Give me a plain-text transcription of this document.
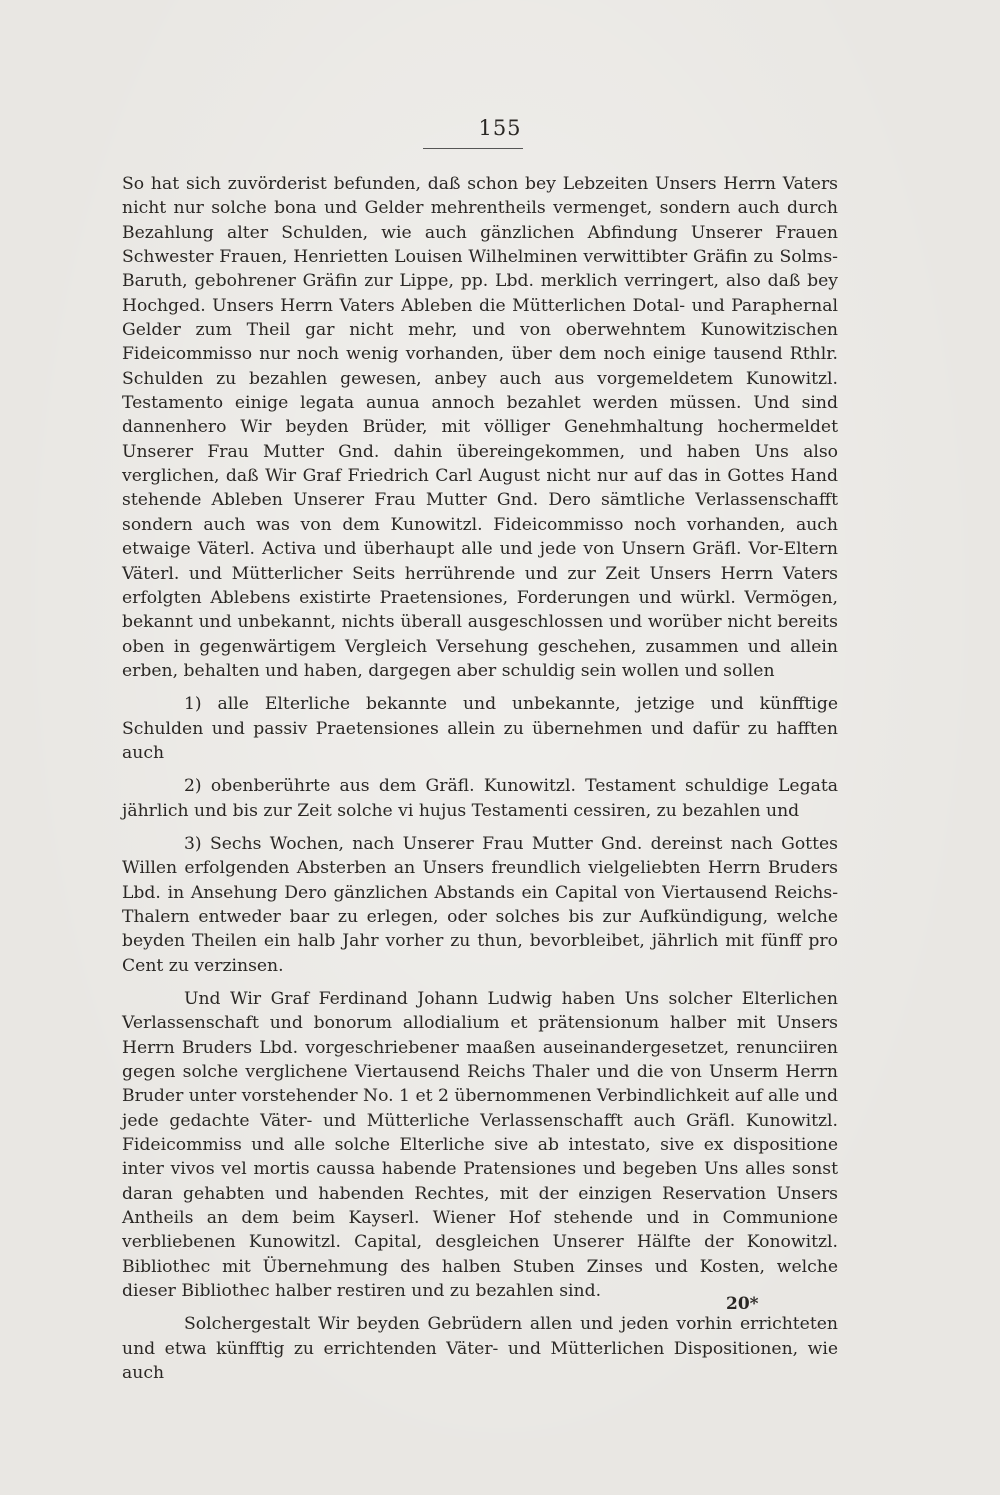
155

So hat sich zuvörderist befunden, daß schon bey Lebzeiten Unsers Herrn Vaters nicht nur solche bona und Gelder mehrentheils vermenget, sondern auch durch Bezahlung alter Schulden, wie auch gänzlichen Abfindung Unserer Frauen Schwester Frauen, Henrietten Louisen Wilhelminen verwittibter Gräfin zu Solms-Baruth, gebohrener Gräfin zur Lippe, pp. Lbd. merklich verringert, also daß bey Hochged. Unsers Herrn Vaters Ableben die Mütterlichen Dotal- und Paraphernal Gelder zum Theil gar nicht mehr, und von oberwehntem Kunowitzischen Fideicommisso nur noch wenig vorhanden, über dem noch einige tausend Rthlr. Schulden zu bezahlen gewesen, anbey auch aus vorgemeldetem Kunowitzl. Testamento einige legata aunua annoch bezahlet werden müssen. Und sind dannenhero Wir beyden Brüder, mit völliger Genehmhaltung hochermeldet Unserer Frau Mutter Gnd. dahin übereingekommen, und haben Uns also verglichen, daß Wir Graf Friedrich Carl August nicht nur auf das in Gottes Hand stehende Ableben Unserer Frau Mutter Gnd. Dero sämtliche Verlassenschafft sondern auch was von dem Kunowitzl. Fideicommisso noch vorhanden, auch etwaige Väterl. Activa und überhaupt alle und jede von Unsern Gräfl. Vor-Eltern Väterl. und Mütterlicher Seits herrührende und zur Zeit Unsers Herrn Vaters erfolgten Ablebens existirte Praetensiones, Forderungen und würkl. Vermögen, bekannt und unbekannt, nichts überall ausgeschlossen und worüber nicht bereits oben in gegenwärtigem Vergleich Versehung geschehen, zusammen und allein erben, behalten und haben, dargegen aber schuldig sein wollen und sollen

1) alle Elterliche bekannte und unbekannte, jetzige und künfftige Schulden und passiv Praetensiones allein zu übernehmen und dafür zu hafften auch

2) obenberührte aus dem Gräfl. Kunowitzl. Testament schuldige Legata jährlich und bis zur Zeit solche vi hujus Testamenti cessiren, zu bezahlen und

3) Sechs Wochen, nach Unserer Frau Mutter Gnd. dereinst nach Gottes Willen erfolgenden Absterben an Unsers freundlich vielgeliebten Herrn Bruders Lbd. in Ansehung Dero gänzlichen Abstands ein Capital von Viertausend Reichs-Thalern entweder baar zu erlegen, oder solches bis zur Aufkündigung, welche beyden Theilen ein halb Jahr vorher zu thun, bevorbleibet, jährlich mit fünff pro Cent zu verzinsen.

Und Wir Graf Ferdinand Johann Ludwig haben Uns solcher Elterlichen Verlassenschaft und bonorum allodialium et prätensionum halber mit Unsers Herrn Bruders Lbd. vorgeschriebener maaßen auseinandergesetzet, renunciiren gegen solche verglichene Viertausend Reichs Thaler und die von Unserm Herrn Bruder unter vorstehender No. 1 et 2 übernommenen Verbindlichkeit auf alle und jede gedachte Väter- und Mütterliche Verlassenschafft auch Gräfl. Kunowitzl. Fideicommiss und alle solche Elterliche sive ab intestato, sive ex dispositione inter vivos vel mortis caussa habende Pratensiones und begeben Uns alles sonst daran gehabten und habenden Rechtes, mit der einzigen Reservation Unsers Antheils an dem beim Kayserl. Wiener Hof stehende und in Communione verbliebenen Kunowitzl. Capital, desgleichen Unserer Hälfte der Konowitzl. Bibliothec mit Übernehmung des halben Stuben Zinses und Kosten, welche dieser Bibliothec halber restiren und zu bezahlen sind.

Solchergestalt Wir beyden Gebrüdern allen und jeden vorhin errichteten und etwa künfftig zu errichtenden Väter- und Mütterlichen Dispositionen, wie auch

20*
